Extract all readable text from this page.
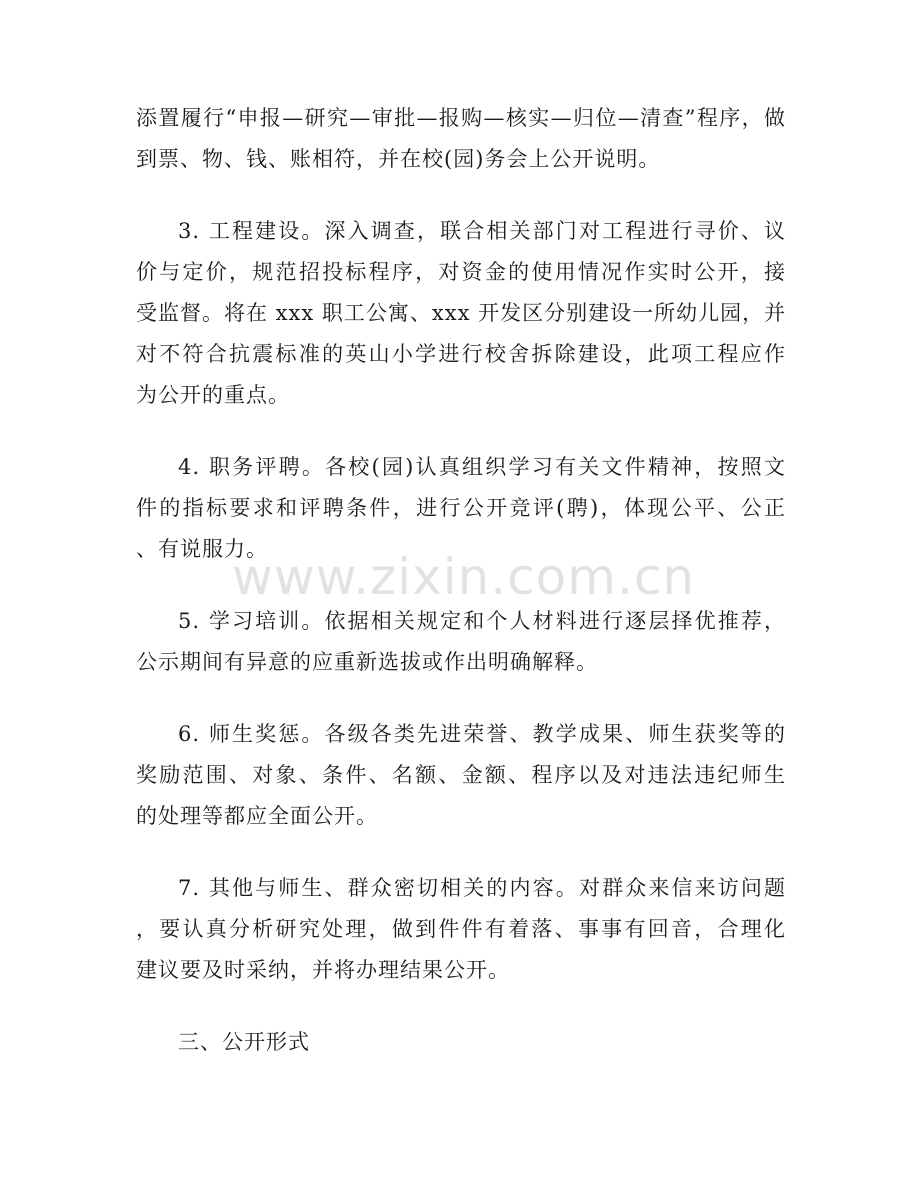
添置履行“申报—研究—审批—报购—核实—归位—清查”程序，做
到票、物、钱、账相符，并在校(园)务会上公开说明。

3. 工程建设。深入调查，联合相关部门对工程进行寻价、议
价与定价，规范招投标程序，对资金的使用情况作实时公开，接
受监督。将在 xxx 职工公寓、xxx 开发区分别建设一所幼儿园，并
对不符合抗震标准的英山小学进行校舍拆除建设，此项工程应作
为公开的重点。

4. 职务评聘。各校(园)认真组织学习有关文件精神，按照文
件的指标要求和评聘条件，进行公开竞评(聘)，体现公平、公正
、有说服力。

5. 学习培训。依据相关规定和个人材料进行逐层择优推荐，
公示期间有异意的应重新选拔或作出明确解释。

6. 师生奖惩。各级各类先进荣誉、教学成果、师生获奖等的
奖励范围、对象、条件、名额、金额、程序以及对违法违纪师生
的处理等都应全面公开。

7. 其他与师生、群众密切相关的内容。对群众来信来访问题
，要认真分析研究处理，做到件件有着落、事事有回音，合理化
建议要及时采纳，并将办理结果公开。

三、公开形式

www.zixin.com.cn
